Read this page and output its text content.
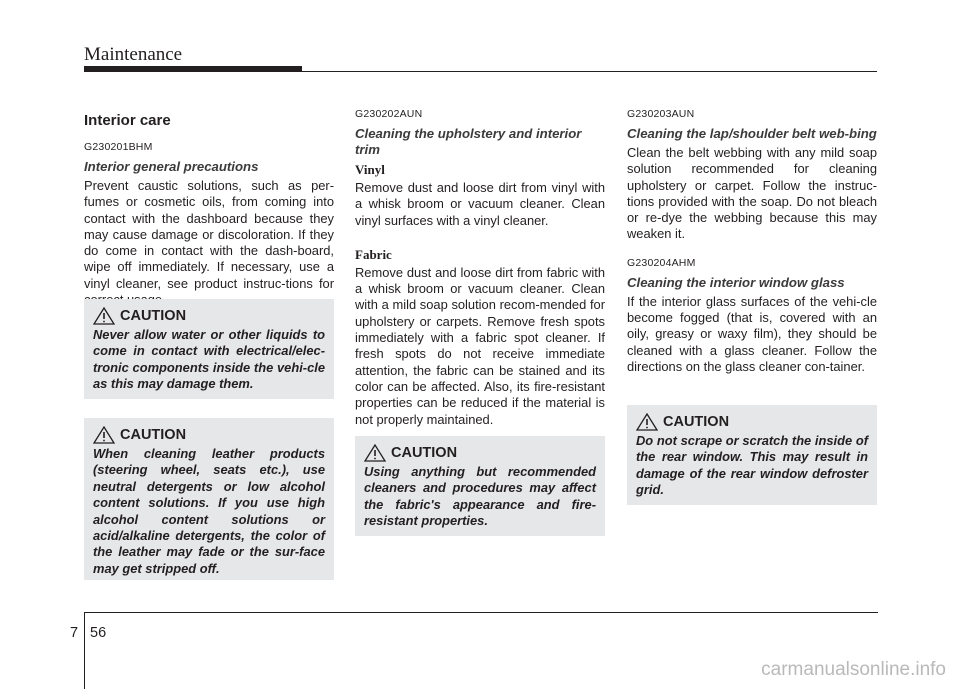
Maintenance
Interior care
G230201BHM
Interior general precautions

Prevent caustic solutions, such as per-fumes or cosmetic oils, from coming into contact with the dashboard because they may cause damage or discoloration. If they do come in contact with the dash-board, wipe off immediately. If necessary, use a vinyl cleaner, see product instruc-tions for

CAUTION

Never allow water or other liquids to come in contact with electrical/elec-tronic components inside the vehi-cle as this may damage them.

CAUTION

When cleaning leather products (steering wheel, seats etc.), use neutral detergents or low alcohol content solutions. If you use high alcohol content solutions or acid/alkaline detergents, the color of the leather may fade or the sur-face may get stripped off.

G230202AUN
Cleaning the upholstery and interior trim
Vinyl

Remove dust and loose dirt from vinyl with a whisk broom or vacuum cleaner. Clean vinyl surfaces with a vinyl cleaner.

Fabric

Remove dust and loose dirt from fabric with a whisk broom or vacuum cleaner. Clean with a mild soap solution recom-mended for upholstery or carpets. Remove fresh spots immediately with a fabric spot cleaner. If fresh spots do not receive immediate attention, the fabric can be stained and its color can be affected. Also, its fire-resistant properties can be reduced if the material is not properly maintained.

CAUTION

Using anything but recommended cleaners and procedures may affect the fabric's appearance and fire-resistant properties.

G230203AUN
Cleaning the lap/shoulder belt web-bing

Clean the belt webbing with any mild soap solution recommended for cleaning upholstery or carpet. Follow the instruc-tions provided with the soap. Do not bleach or re-dye the webbing because this may weaken it.

G230204AHM
Cleaning the interior window glass

If the interior glass surfaces of the vehi-cle become fogged (that is, covered with an oily, greasy or waxy film), they should be cleaned with a glass cleaner. Follow the directions on the glass cleaner con-tainer.

CAUTION

Do not scrape or scratch the inside of the rear window. This may result in damage of the rear window defroster grid.

7 56
carmanualsonline.info
